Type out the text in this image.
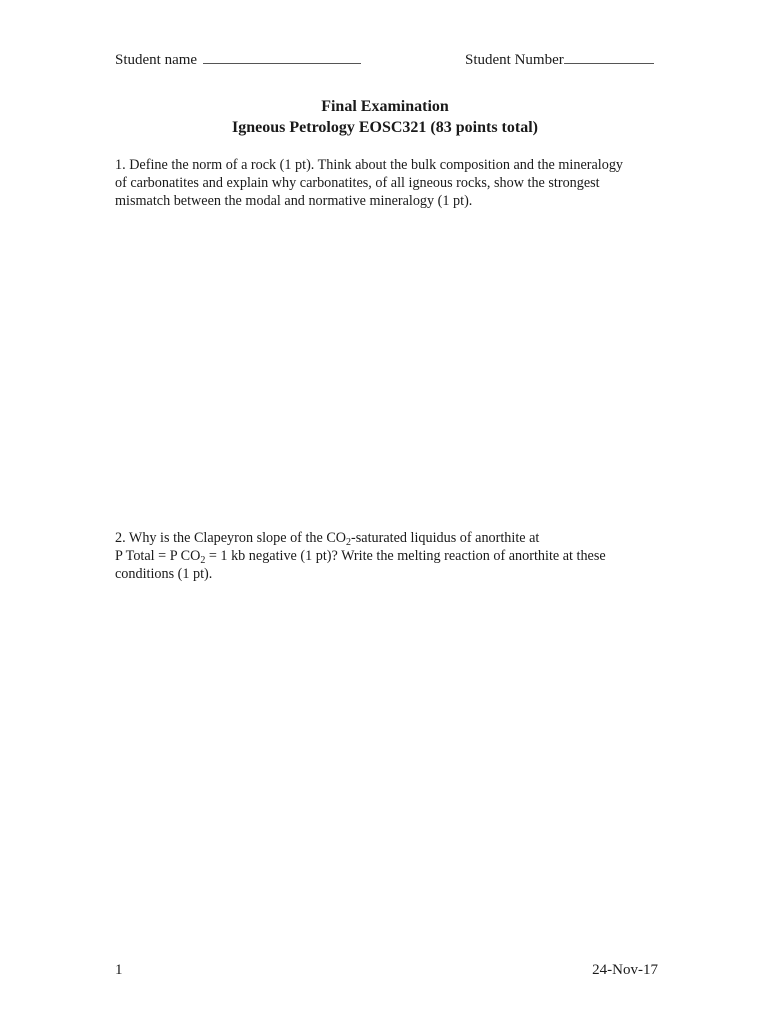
Student name	Student Number
Final Examination
Igneous Petrology EOSC321 (83 points total)
1. Define the norm of a rock (1 pt). Think about the bulk composition and the mineralogy
of carbonatites and explain why carbonatites, of all igneous rocks, show the strongest
mismatch between the modal and normative mineralogy (1 pt).
2. Why is the Clapeyron slope of the $CO_2$-saturated liquidus of anorthite at
P Total = P $CO_2 = 1$ kb negative (1 pt)? Write the melting reaction of anorthite at these
conditions (1 pt).
1	24-Nov-17
